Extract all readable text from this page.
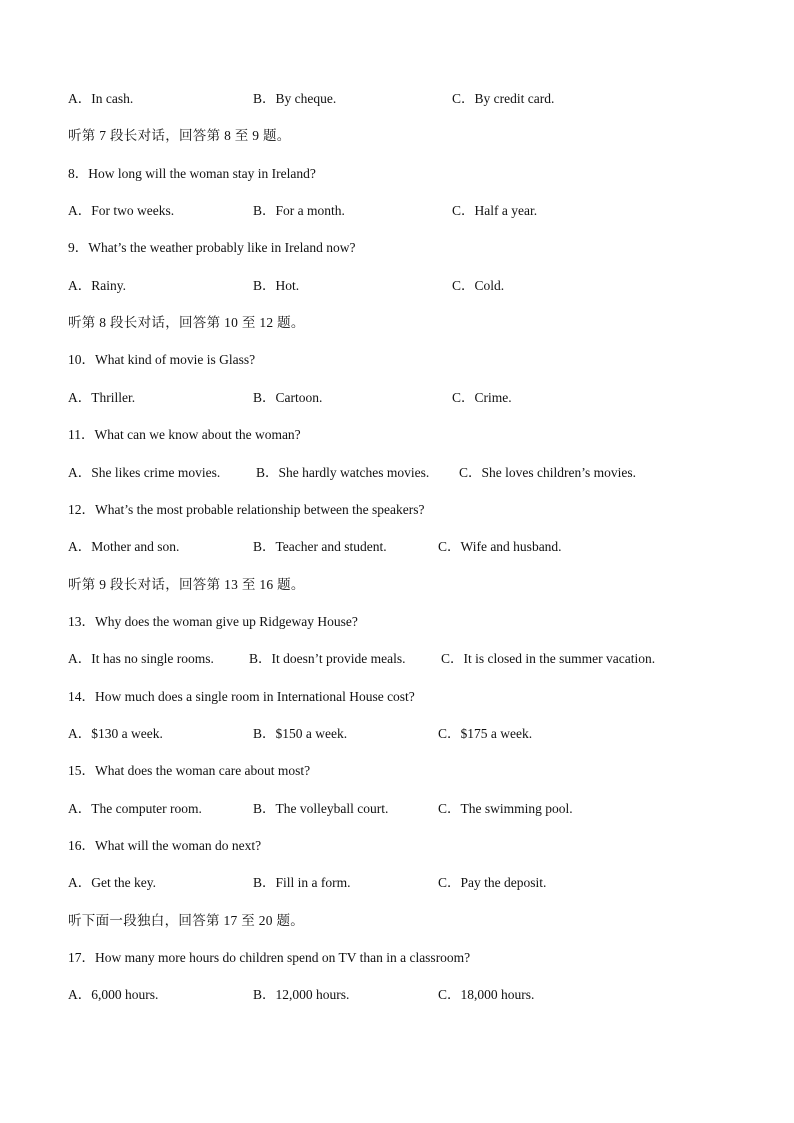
A．In cash.	B．By cheque.	C．By credit card.
听第 7 段长对话，回答第 8 至 9 题。
8．How long will the woman stay in Ireland?
A．For two weeks.	B．For a month.	C．Half a year.
9．What’s the weather probably like in Ireland now?
A．Rainy.	B．Hot.	C．Cold.
听第 8 段长对话，回答第 10 至 12 题。
10．What kind of movie is Glass?
A．Thriller.	B．Cartoon.	C．Crime.
11．What can we know about the woman?
A．She likes crime movies.	B．She hardly watches movies. C．She loves children’s movies.
12．What’s the most probable relationship between the speakers?
A．Mother and son.	B．Teacher and student.	C．Wife and husband.
听第 9 段长对话，回答第 13 至 16 题。
13．Why does the woman give up Ridgeway House?
A．It has no single rooms.	B．It doesn’t provide meals.	C．It is closed in the summer vacation.
14．How much does a single room in International House cost?
A．$130 a week.	B．$150 a week.	C．$175 a week.
15．What does the woman care about most?
A．The computer room.	B．The volleyball court.	C．The swimming pool.
16．What will the woman do next?
A．Get the key.	B．Fill in a form.	C．Pay the deposit.
听下面一段独白，回答第 17 至 20 题。
17．How many more hours do children spend on TV than in a classroom?
A．6,000 hours.	B．12,000 hours.	C．18,000 hours.
